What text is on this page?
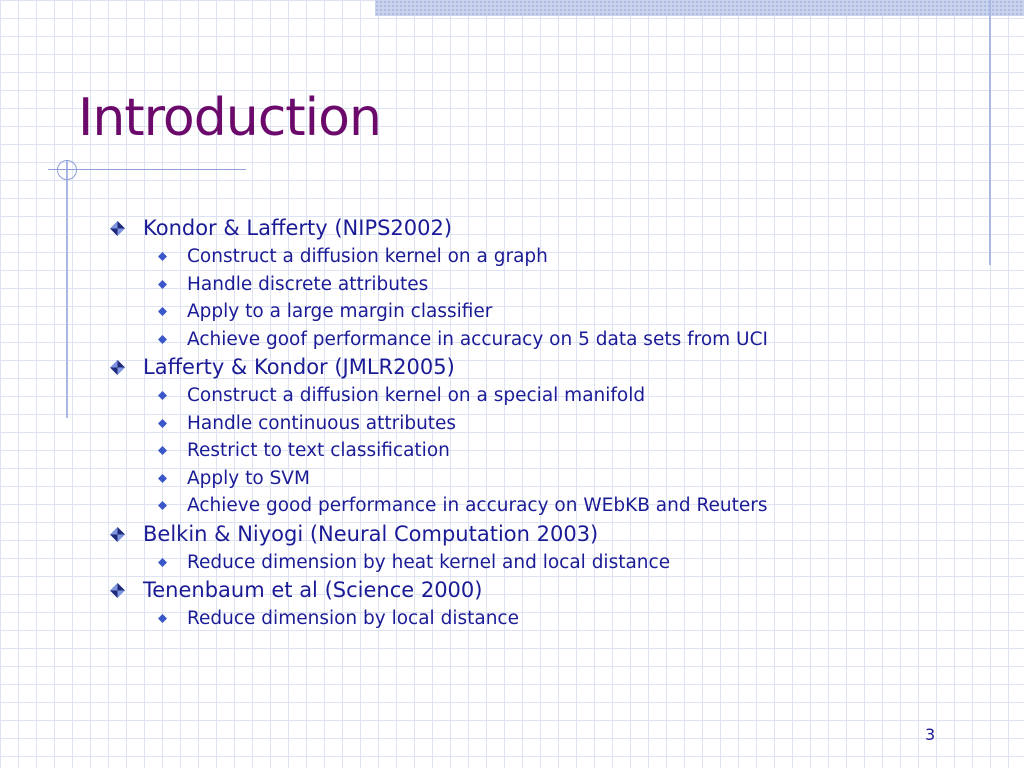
Introduction
Kondor & Lafferty (NIPS2002)
Construct a diffusion kernel on a graph
Handle discrete attributes
Apply to a large margin classifier
Achieve goof performance in accuracy on 5 data sets from UCI
Lafferty & Kondor (JMLR2005)
Construct a diffusion kernel on a special manifold
Handle continuous attributes
Restrict to text classification
Apply to SVM
Achieve good performance in accuracy on WEbKB and Reuters
Belkin & Niyogi (Neural Computation 2003)
Reduce dimension by heat kernel and local distance
Tenenbaum et al (Science 2000)
Reduce dimension by local distance
3
